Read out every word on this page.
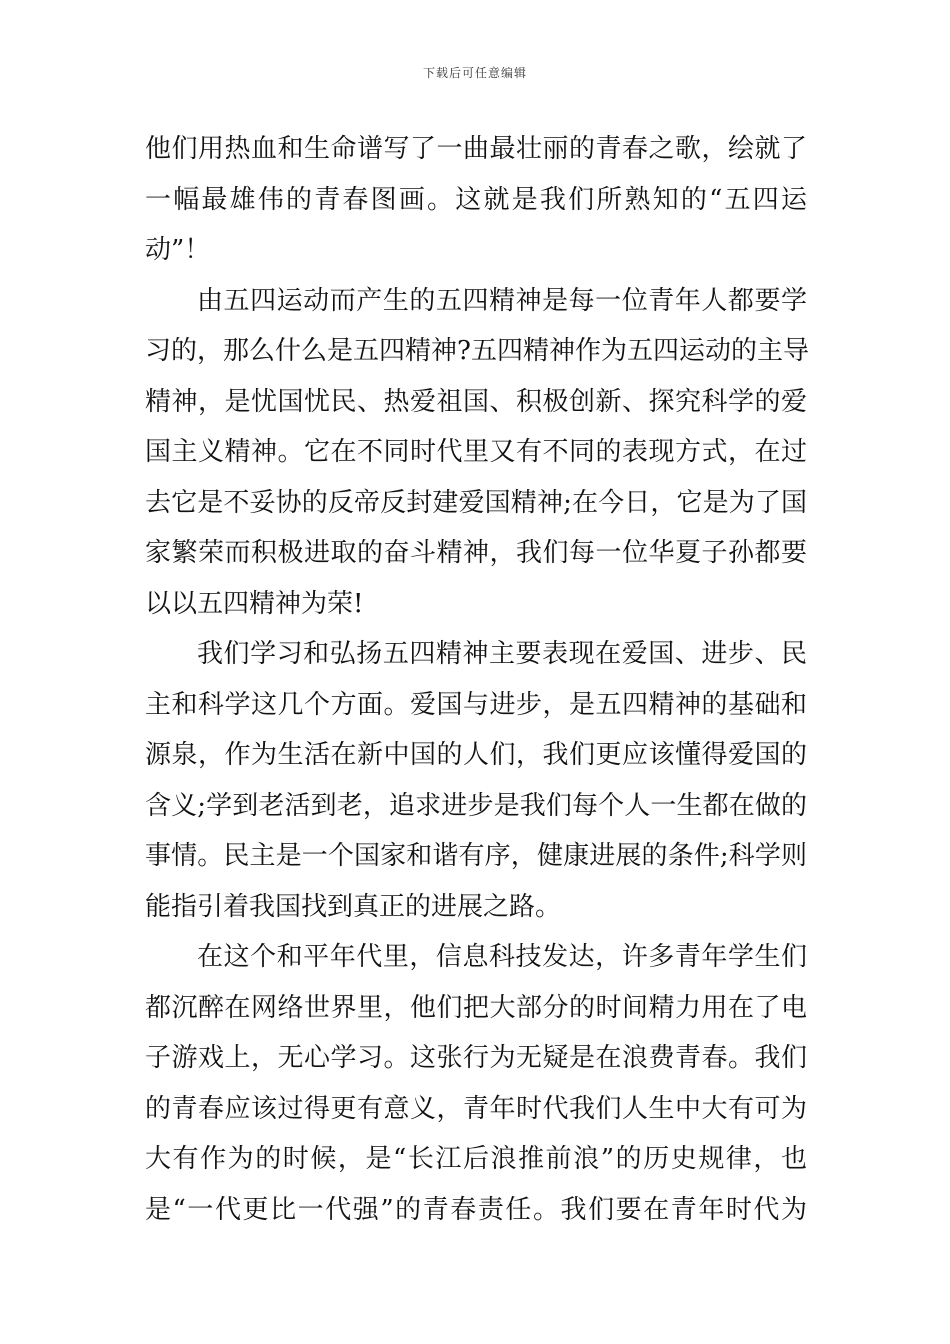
下载后可任意编辑
他们用热血和生命谱写了一曲最壮丽的青春之歌，绘就了
一幅最雄伟的青春图画。这就是我们所熟知的“五四运
动”！
由五四运动而产生的五四精神是每一位青年人都要学
习的，那么什么是五四精神?五四精神作为五四运动的主导
精神，是忧国忧民、热爱祖国、积极创新、探究科学的爱
国主义精神。它在不同时代里又有不同的表现方式，在过
去它是不妥协的反帝反封建爱国精神;在今日，它是为了国
家繁荣而积极进取的奋斗精神，我们每一位华夏子孙都要
以以五四精神为荣!
我们学习和弘扬五四精神主要表现在爱国、进步、民
主和科学这几个方面。爱国与进步，是五四精神的基础和
源泉，作为生活在新中国的人们，我们更应该懂得爱国的
含义;学到老活到老，追求进步是我们每个人一生都在做的
事情。民主是一个国家和谐有序，健康进展的条件;科学则
能指引着我国找到真正的进展之路。
在这个和平年代里，信息科技发达，许多青年学生们
都沉醉在网络世界里，他们把大部分的时间精力用在了电
子游戏上，无心学习。这张行为无疑是在浪费青春。我们
的青春应该过得更有意义，青年时代我们人生中大有可为
大有作为的时候，是“长江后浪推前浪”的历史规律，也
是“一代更比一代强”的青春责任。我们要在青年时代为
